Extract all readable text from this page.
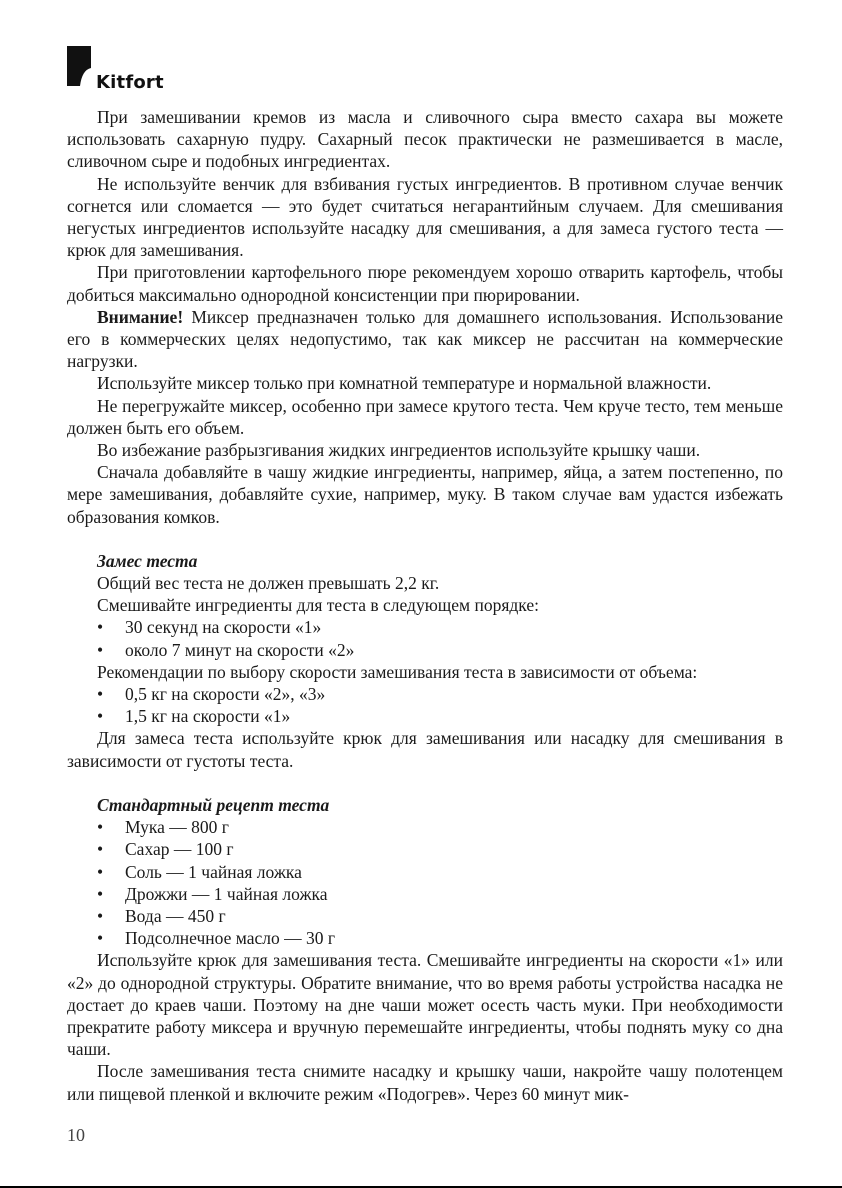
Kitfort

При замешивании кремов из масла и сливочного сыра вместо сахара вы можете использовать сахарную пудру. Сахарный песок практически не размешивается в масле, сливочном сыре и подобных ингредиентах.

Не используйте венчик для взбивания густых ингредиентов. В противном случае венчик согнется или сломается — это будет считаться негарантийным случаем. Для смешивания негустых ингредиентов используйте насадку для смешивания, а для замеса густого теста — крюк для замешивания.

При приготовлении картофельного пюре рекомендуем хорошо отварить картофель, чтобы добиться максимально однородной консистенции при пюрировании.

Внимание! Миксер предназначен только для домашнего использования. Использование его в коммерческих целях недопустимо, так как миксер не рассчитан на коммерческие нагрузки.

Используйте миксер только при комнатной температуре и нормальной влажности.

Не перегружайте миксер, особенно при замесе крутого теста. Чем круче тесто, тем меньше должен быть его объем.

Во избежание разбрызгивания жидких ингредиентов используйте крышку чаши.

Сначала добавляйте в чашу жидкие ингредиенты, например, яйца, а затем постепенно, по мере замешивания, добавляйте сухие, например, муку. В таком случае вам удастся избежать образования комков.

Замес теста

Общий вес теста не должен превышать 2,2 кг.

Смешивайте ингредиенты для теста в следующем порядке:

• 30 секунд на скорости «1»
• около 7 минут на скорости «2»

Рекомендации по выбору скорости замешивания теста в зависимости от объема:

• 0,5 кг на скорости «2», «3»
• 1,5 кг на скорости «1»

Для замеса теста используйте крюк для замешивания или насадку для смешивания в зависимости от густоты теста.

Стандартный рецепт теста
• Мука — 800 г
• Сахар — 100 г
• Соль — 1 чайная ложка
• Дрожжи — 1 чайная ложка
• Вода — 450 г
• Подсолнечное масло — 30 г

Используйте крюк для замешивания теста. Смешивайте ингредиенты на скорости «1» или «2» до однородной структуры. Обратите внимание, что во время работы устройства насадка не достает до краев чаши. Поэтому на дне чаши может осесть часть муки. При необходимости прекратите работу миксера и вручную перемешайте ингредиенты, чтобы поднять муку со дна чаши.

После замешивания теста снимите насадку и крышку чаши, накройте чашу полотенцем или пищевой пленкой и включите режим «Подогрев». Через 60 минут мик-

10
